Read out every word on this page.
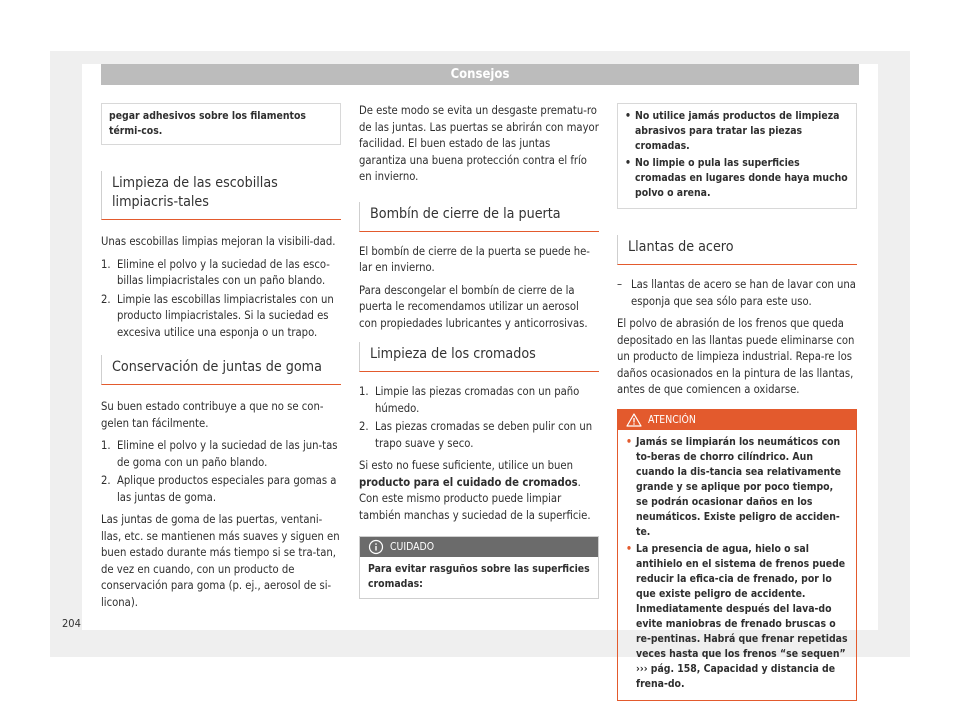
Consejos
pegar adhesivos sobre los filamentos térmi-cos.
Limpieza de las escobillas limpiacris-tales

Unas escobillas limpias mejoran la visibili-dad.

1. Elimine el polvo y la suciedad de las esco-billas limpiacristales con un paño blando.
2. Limpie las escobillas limpiacristales con un producto limpiacristales. Si la suciedad es excesiva utilice una esponja o un trapo.
Conservación de juntas de goma

Su buen estado contribuye a que no se con-gelen tan fácilmente.

1. Elimine el polvo y la suciedad de las jun-tas de goma con un paño blando.
2. Aplique productos especiales para gomas a las juntas de goma.

Las juntas de goma de las puertas, ventani-llas, etc. se mantienen más suaves y siguen en buen estado durante más tiempo si se tra-tan, de vez en cuando, con un producto de conservación para goma (p. ej., aerosol de si-licona).

De este modo se evita un desgaste prematu-ro de las juntas. Las puertas se abrirán con mayor facilidad. El buen estado de las juntas garantiza una buena protección contra el frío en invierno.

Bombín de cierre de la puerta

El bombín de cierre de la puerta se puede he-lar en invierno.

Para descongelar el bombín de cierre de la puerta le recomendamos utilizar un aerosol con propiedades lubricantes y anticorrosivas.

Limpieza de los cromados
1. Limpie las piezas cromadas con un paño húmedo.
2. Las piezas cromadas se deben pulir con un trapo suave y seco.

Si esto no fuese suficiente, utilice un buen producto para el cuidado de cromados. Con este mismo producto puede limpiar también manchas y suciedad de la superficie.

CUIDADO
Para evitar rasguños sobre las superficies cromadas:
• No utilice jamás productos de limpieza abrasivos para tratar las piezas cromadas.
• No limpie o pula las superficies cromadas en lugares donde haya mucho polvo o arena.
Llantas de acero
– Las llantas de acero se han de lavar con una esponja que sea sólo para este uso.

El polvo de abrasión de los frenos que queda depositado en las llantas puede eliminarse con un producto de limpieza industrial. Repa-re los daños ocasionados en la pintura de las llantas, antes de que comiencen a oxidarse.

ATENCIÓN
• Jamás se limpiarán los neumáticos con to-beras de chorro cilíndrico. Aun cuando la dis-tancia sea relativamente grande y se aplique por poco tiempo, se podrán ocasionar daños en los neumáticos. Existe peligro de acciden-te.
• La presencia de agua, hielo o sal antihielo en el sistema de frenos puede reducir la efica-cia de frenado, por lo que existe peligro de accidente. Inmediatamente después del lava-do evite maniobras de frenado bruscas o re-pentinas. Habrá que frenar repetidas veces hasta que los frenos “se sequen”
››› pág. 158, Capacidad y distancia de frena-do.
204
